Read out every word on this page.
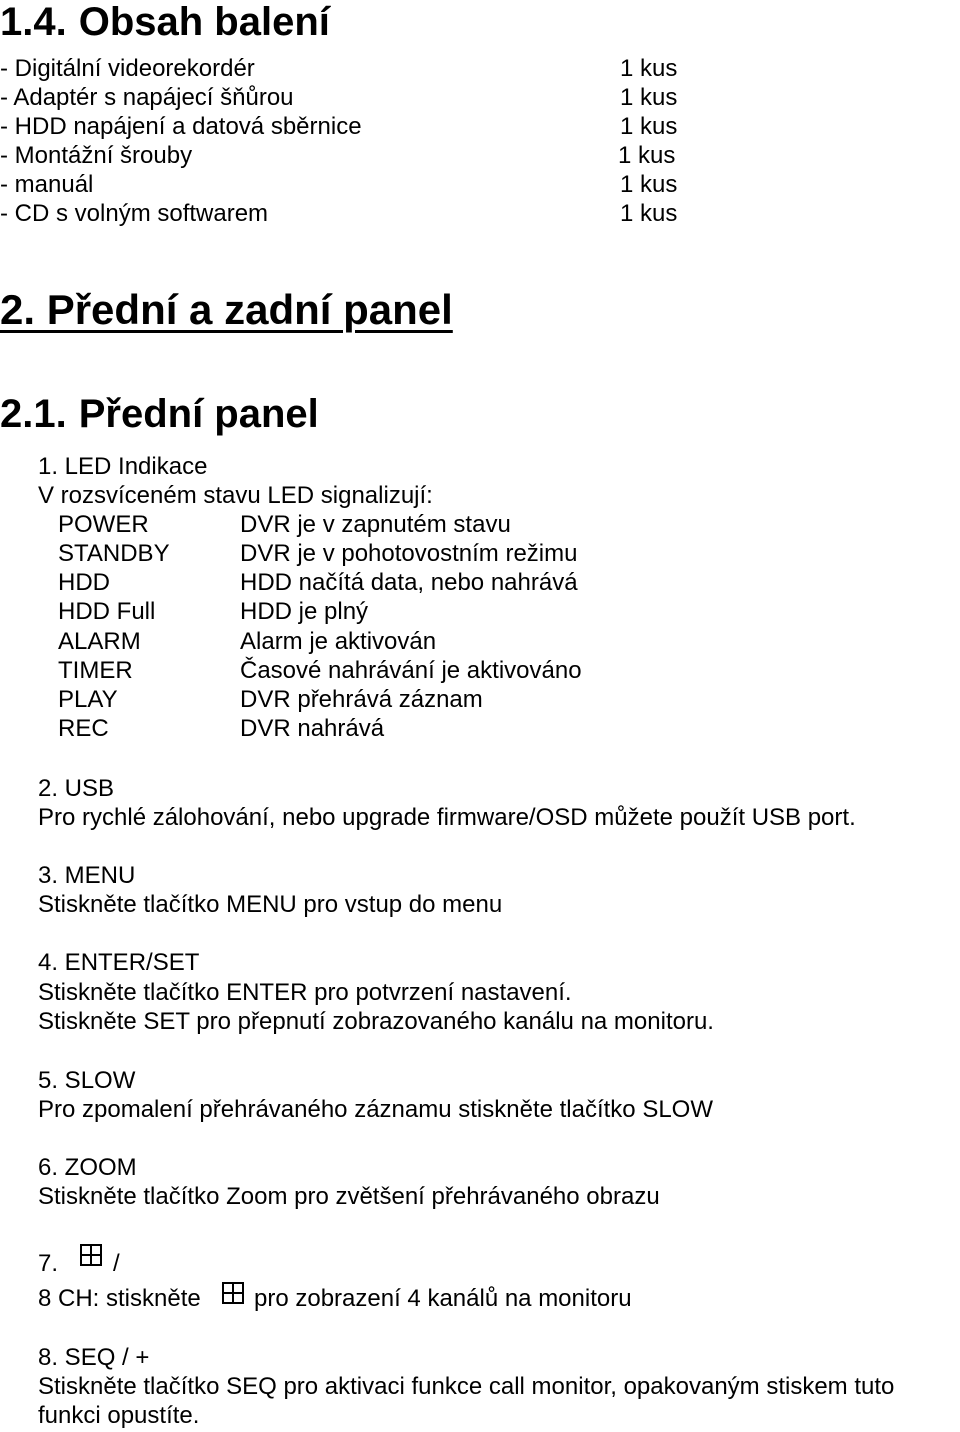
1.4. Obsah balení
- Digitální videorekordér	1 kus
- Adaptér s napájecí šňůrou	1 kus
- HDD napájení a datová sběrnice	1 kus
- Montážní šrouby	1 kus
- manuál	1 kus
- CD s volným softwarem	1 kus
2. Přední a zadní panel
2.1. Přední panel
1. LED Indikace
V rozsvíceném stavu LED signalizují:
POWER	DVR je v zapnutém stavu
STANDBY	DVR je v pohotovostním režimu
HDD	HDD načítá data, nebo nahrává
HDD Full	HDD je plný
ALARM	Alarm je aktivován
TIMER	Časové nahrávání je aktivováno
PLAY	DVR přehrává záznam
REC	DVR nahrává
2. USB
Pro rychlé zálohování, nebo upgrade firmware/OSD můžete použít USB port.
3. MENU
Stiskněte tlačítko MENU pro vstup do menu
4. ENTER/SET
Stiskněte tlačítko ENTER pro potvrzení nastavení.
Stiskněte SET pro přepnutí zobrazovaného kanálu na monitoru.
5. SLOW
Pro zpomalení přehrávaného záznamu stiskněte tlačítko SLOW
6. ZOOM
Stiskněte tlačítko Zoom pro zvětšení přehrávaného obrazu
7. /
8 CH: stiskněte pro zobrazení 4 kanálů na monitoru
8. SEQ / +
Stiskněte tlačítko SEQ pro aktivaci funkce call monitor, opakovaným stiskem tuto
funkci opustíte.
